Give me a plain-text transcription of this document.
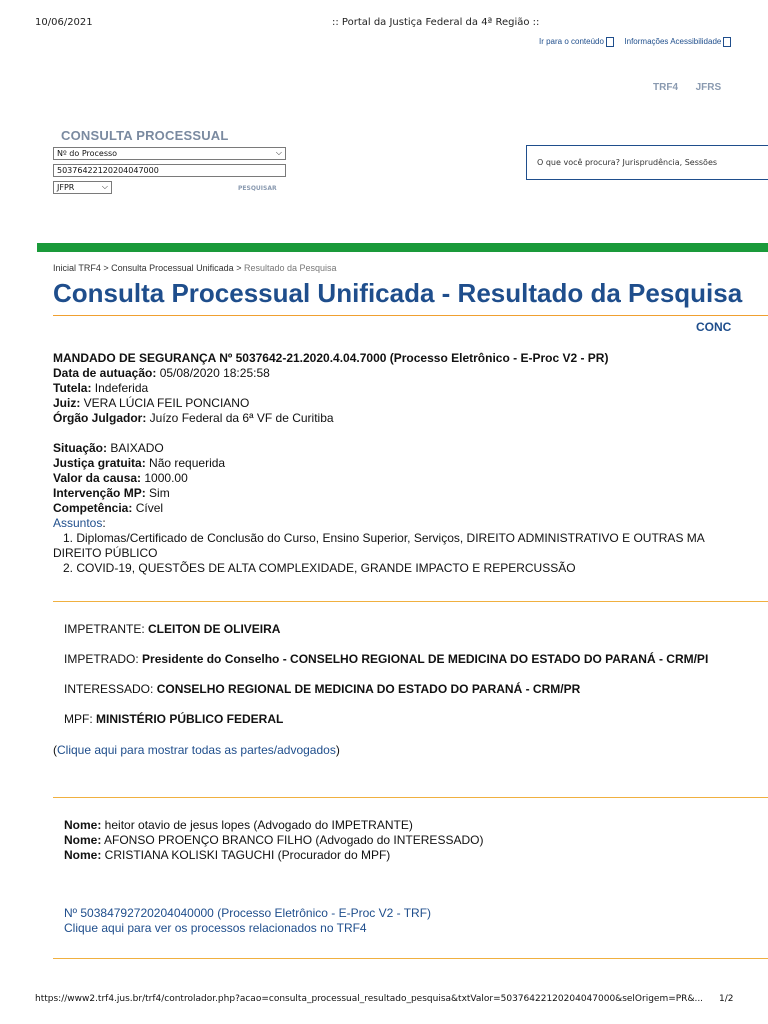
10/06/2021	:: Portal da Justiça Federal da 4ª Região ::
Ir para o conteúdo	Informações Acessibilidade
TRF4 JFRS
CONSULTA PROCESSUAL
Nº do Processo	⌵
50376422120204047000
JFPR	⌵	PESQUISAR
O que você procura? Jurisprudência, Sessões
Inicial TRF4 > Consulta Processual Unificada > Resultado da Pesquisa
Consulta Processual Unificada - Resultado da Pesquisa
CONC
MANDADO DE SEGURANÇA Nº 5037642-21.2020.4.04.7000 (Processo Eletrônico - E-Proc V2 - PR)
Data de autuação: 05/08/2020 18:25:58
Tutela: Indeferida
Juiz: VERA LÚCIA FEIL PONCIANO
Órgão Julgador: Juízo Federal da 6ª VF de Curitiba
Situação: BAIXADO
Justiça gratuita: Não requerida
Valor da causa: 1000.00
Intervenção MP: Sim
Competência: Cível
Assuntos:
1. Diplomas/Certificado de Conclusão do Curso, Ensino Superior, Serviços, DIREITO ADMINISTRATIVO E OUTRAS MA
DIREITO PÚBLICO
2. COVID-19, QUESTÕES DE ALTA COMPLEXIDADE, GRANDE IMPACTO E REPERCUSSÃO
IMPETRANTE: CLEITON DE OLIVEIRA
IMPETRADO: Presidente do Conselho - CONSELHO REGIONAL DE MEDICINA DO ESTADO DO PARANÁ - CRM/PI
INTERESSADO: CONSELHO REGIONAL DE MEDICINA DO ESTADO DO PARANÁ - CRM/PR
MPF: MINISTÉRIO PÚBLICO FEDERAL
(Clique aqui para mostrar todas as partes/advogados)
Nome: heitor otavio de jesus lopes (Advogado do IMPETRANTE)
Nome: AFONSO PROENÇO BRANCO FILHO (Advogado do INTERESSADO)
Nome: CRISTIANA KOLISKI TAGUCHI (Procurador do MPF)
Nº 50384792720204040000 (Processo Eletrônico - E-Proc V2 - TRF)
Clique aqui para ver os processos relacionados no TRF4
https://www2.trf4.jus.br/trf4/controlador.php?acao=consulta_processual_resultado_pesquisa&txtValor=50376422120204047000&selOrigem=PR&... 1/2
